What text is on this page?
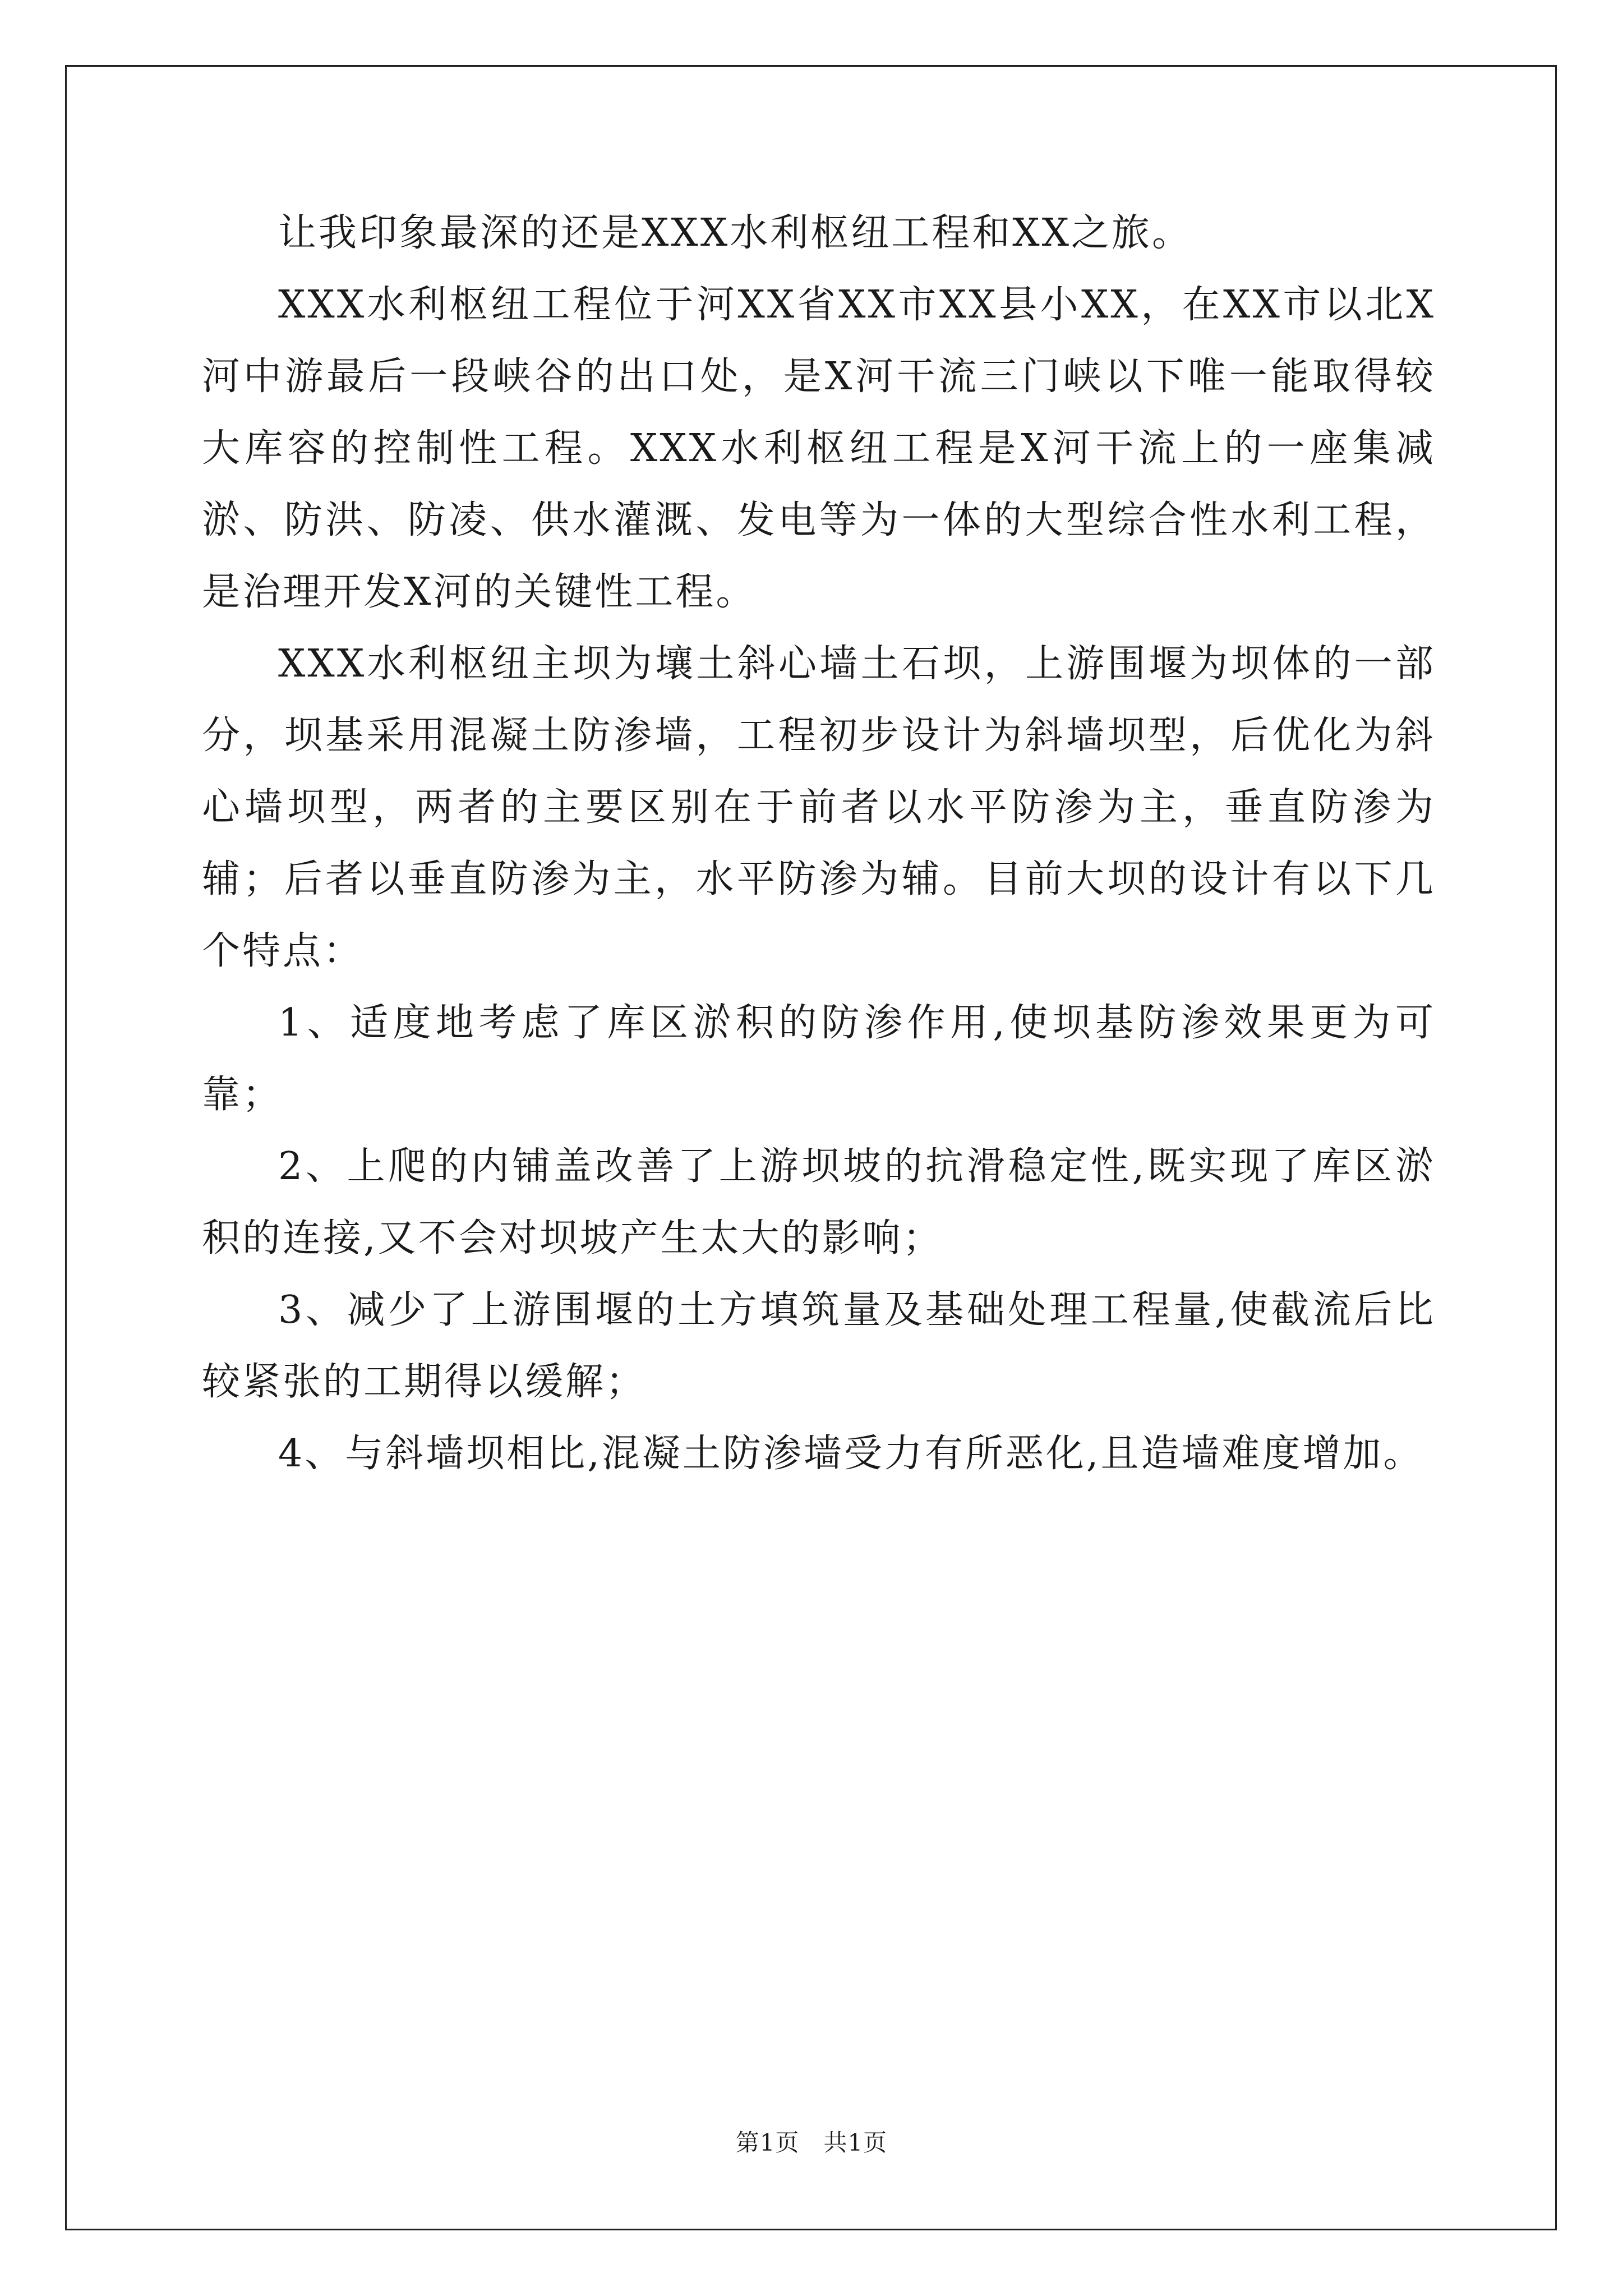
让我印象最深的还是XXX水利枢纽工程和XX之旅。

XXX水利枢纽工程位于河XX省XX市XX县小XX，在XX市以北X河中游最后一段峡谷的出口处，是X河干流三门峡以下唯一能取得较大库容的控制性工程。XXX水利枢纽工程是X河干流上的一座集减淤、防洪、防凌、供水灌溉、发电等为一体的大型综合性水利工程，是治理开发X河的关键性工程。

XXX水利枢纽主坝为壤土斜心墙土石坝，上游围堰为坝体的一部分，坝基采用混凝土防渗墙，工程初步设计为斜墙坝型，后优化为斜心墙坝型，两者的主要区别在于前者以水平防渗为主，垂直防渗为辅；后者以垂直防渗为主，水平防渗为辅。目前大坝的设计有以下几个特点：

1、适度地考虑了库区淤积的防渗作用,使坝基防渗效果更为可靠；

2、上爬的内铺盖改善了上游坝坡的抗滑稳定性,既实现了库区淤积的连接,又不会对坝坡产生太大的影响；

3、减少了上游围堰的土方填筑量及基础处理工程量,使截流后比较紧张的工期得以缓解；

4、与斜墙坝相比,混凝土防渗墙受力有所恶化,且造墙难度增加。

第1页   共1页
